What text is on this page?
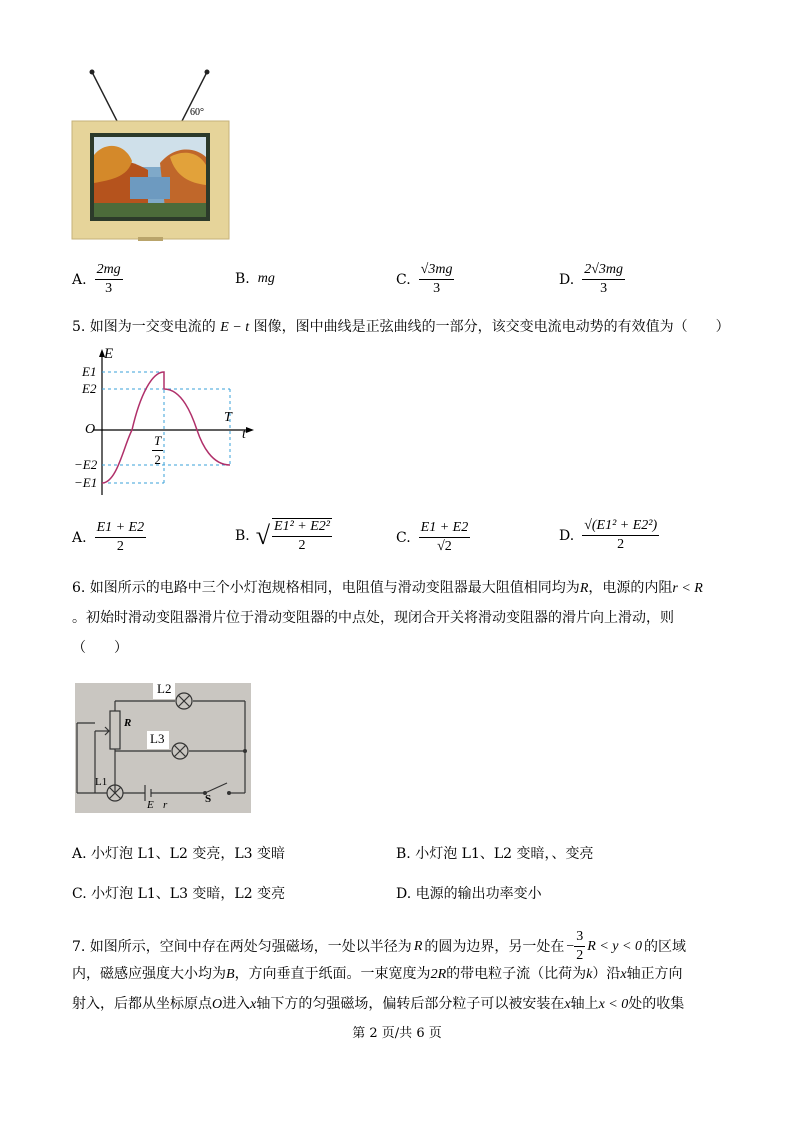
60°
A. $\frac{2mg}{3}$	B. mg	C. $\frac{√3mg}{3}$	D. $\frac{2√3mg}{3}$
5. 如图为一交变电流的 E − t 图像，图中曲线是正弦曲线的一部分，该交变电流电动势的有效值为（　　）
E
E1
E2
O
T
t
$\frac{T}{2}$
−E2
−E1
A. $\frac{E1 + E2}{2}$	B. √ $\frac{\text{E1² + E2²}}{2}$	C. $\frac{E1 + E2}{√2}$	D. $\frac{\text{√(E1² + E2²)}}{2}$
6. 如图所示的电路中三个小灯泡规格相同，电阻值与滑动变阻器最大阻值相同均为R，电源的内阻r < R
。初始时滑动变阻器滑片位于滑动变阻器的中点处，现闭合开关将滑动变阻器的滑片向上滑动，则
（　　）
L2
R
L3
L1
E r	S
A. 小灯泡 L1、L2 变亮，L3 变暗	B. 小灯泡 L1、L2 变暗，、变亮
C. 小灯泡 L1、L3 变暗，L2 变亮	D. 电源的输出功率变小
7. 如图所示，空间中存在两处匀强磁场，一处以半径为 R 的圆为边界，另一处在 − $\frac{3}{2}$ R < y < 0 的区域
内，磁感应强度大小均为B，方向垂直于纸面。一束宽度为2R的带电粒子流（比荷为k）沿x轴正方向
射入，后都从坐标原点O进入x轴下方的匀强磁场，偏转后部分粒子可以被安装在x轴上x < 0处的收集
第 2 页/共 6 页
